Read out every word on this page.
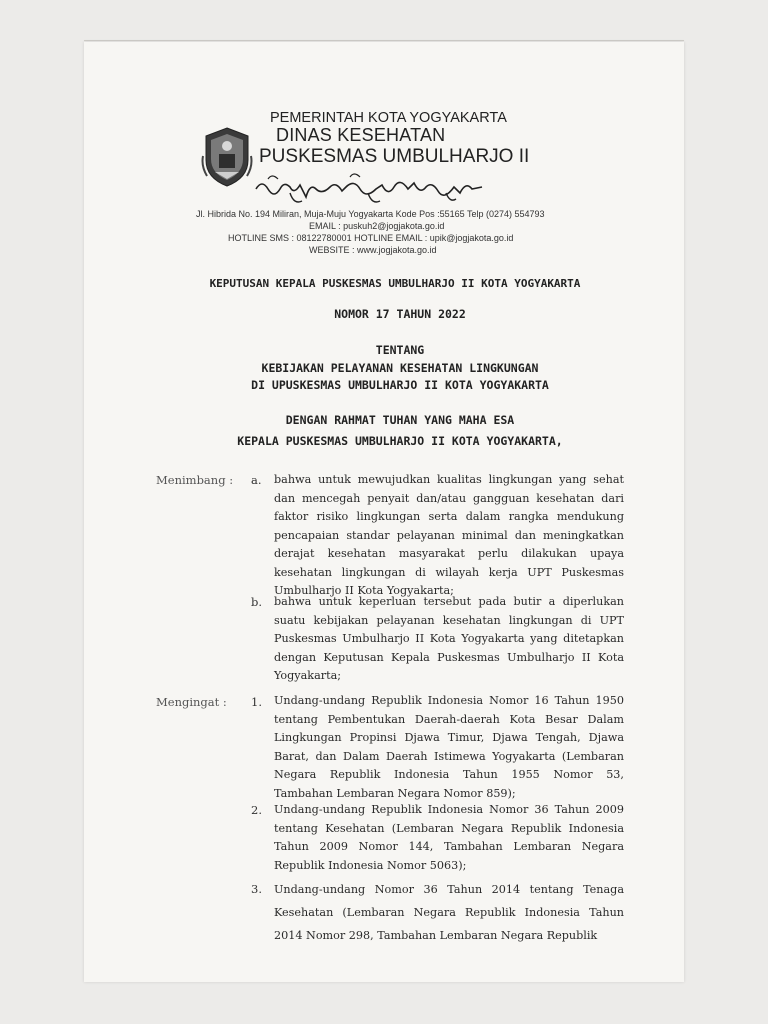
PEMERINTAH KOTA YOGYAKARTA
DINAS KESEHATAN
PUSKESMAS UMBULHARJO II
Jl. Hibrida No. 194 Miliran, Muja-Muju Yogyakarta Kode Pos :55165 Telp (0274) 554793
EMAIL : puskuh2@jogjakota.go.id
HOTLINE SMS : 08122780001 HOTLINE EMAIL : upik@jogjakota.go.id
WEBSITE : www.jogjakota.go.id
KEPUTUSAN KEPALA PUSKESMAS UMBULHARJO II KOTA YOGYAKARTA
NOMOR 17 TAHUN 2022
TENTANG
KEBIJAKAN PELAYANAN KESEHATAN LINGKUNGAN
DI UPUSKESMAS UMBULHARJO II KOTA YOGYAKARTA
DENGAN RAHMAT TUHAN YANG MAHA ESA
KEPALA PUSKESMAS UMBULHARJO II KOTA YOGYAKARTA,
Menimbang : a. bahwa untuk mewujudkan kualitas lingkungan yang sehat dan mencegah penyait dan/atau gangguan kesehatan dari faktor risiko lingkungan serta dalam rangka mendukung pencapaian standar pelayanan minimal dan meningkatkan derajat kesehatan masyarakat perlu dilakukan upaya kesehatan lingkungan di wilayah kerja UPT Puskesmas Umbulharjo II Kota Yogyakarta;
b. bahwa untuk keperluan tersebut pada butir a diperlukan suatu kebijakan pelayanan kesehatan lingkungan di UPT Puskesmas Umbulharjo II Kota Yogyakarta yang ditetapkan dengan Keputusan Kepala Puskesmas Umbulharjo II Kota Yogyakarta;
Mengingat : 1. Undang-undang Republik Indonesia Nomor 16 Tahun 1950 tentang Pembentukan Daerah-daerah Kota Besar Dalam Lingkungan Propinsi Djawa Timur, Djawa Tengah, Djawa Barat, dan Dalam Daerah Istimewa Yogyakarta (Lembaran Negara Republik Indonesia Tahun 1955 Nomor 53, Tambahan Lembaran Negara Nomor 859);
2. Undang-undang Republik Indonesia Nomor 36 Tahun 2009 tentang Kesehatan (Lembaran Negara Republik Indonesia Tahun 2009 Nomor 144, Tambahan Lembaran Negara Republik Indonesia Nomor 5063);
3. Undang-undang Nomor 36 Tahun 2014 tentang Tenaga Kesehatan (Lembaran Negara Republik Indonesia Tahun 2014 Nomor 298, Tambahan Lembaran Negara Republik
